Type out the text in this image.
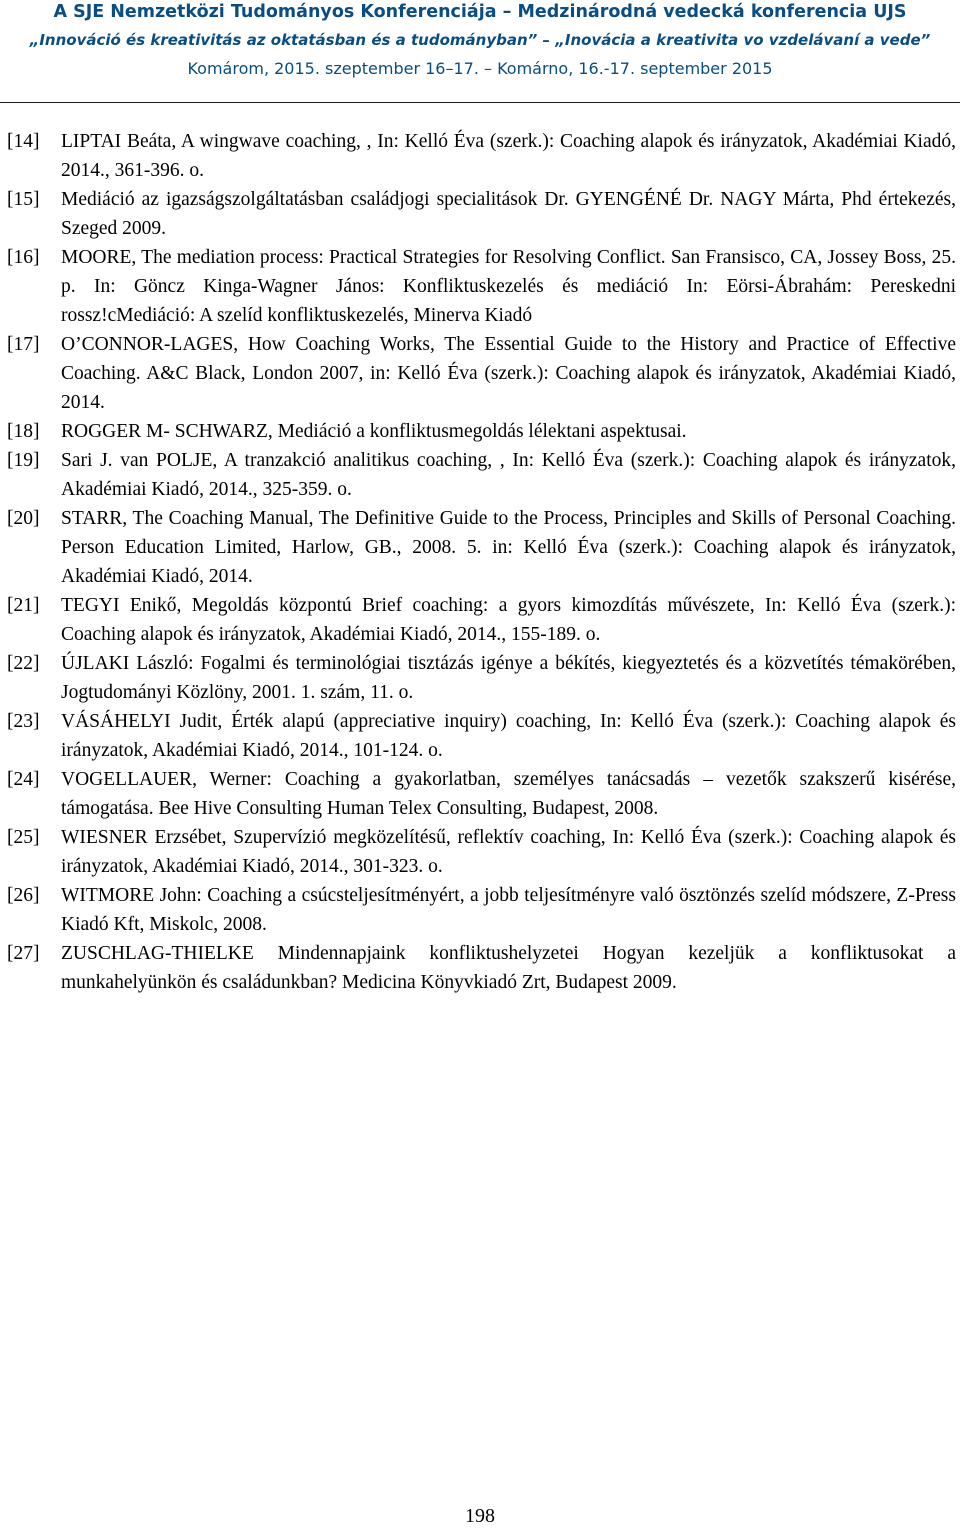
A SJE Nemzetközi Tudományos Konferenciája – Medzinárodná vedecká konferencia UJS
„Innováció és kreativitás az oktatásban és a tudományban” – „Inovácia a kreativita vo vzdelávaní a vede”
Komárom, 2015. szeptember 16–17. – Komárno, 16.-17. september 2015
[14]	LIPTAI Beáta, A wingwave coaching, , In: Kelló Éva (szerk.): Coaching alapok és irányzatok, Akadémiai Kiadó, 2014., 361-396. o.
[15]	Mediáció az igazságszolgáltatásban családjogi specialitások Dr. GYENGÉNÉ Dr. NAGY Márta, Phd értekezés, Szeged 2009.
[16]	MOORE, The mediation process: Practical Strategies for Resolving Conflict. San Fransisco, CA, Jossey Boss, 25. p. In: Göncz Kinga-Wagner János: Konfliktuskezelés és mediáció In: Eörsi-Ábrahám: Pereskedni rossz!cMediáció: A szelíd konfliktuskezelés, Minerva Kiadó
[17]	O’CONNOR-LAGES, How Coaching Works, The Essential Guide to the History and Practice of Effective Coaching. A&C Black, London 2007, in: Kelló Éva (szerk.): Coaching alapok és irányzatok, Akadémiai Kiadó, 2014.
[18]	ROGGER M- SCHWARZ, Mediáció a konfliktusmegoldás lélektani aspektusai.
[19]	Sari J. van POLJE, A tranzakció analitikus coaching, , In: Kelló Éva (szerk.): Coaching alapok és irányzatok, Akadémiai Kiadó, 2014., 325-359. o.
[20]	STARR, The Coaching Manual, The Definitive Guide to the Process, Principles and Skills of Personal Coaching. Person Education Limited, Harlow, GB., 2008. 5. in: Kelló Éva (szerk.): Coaching alapok és irányzatok, Akadémiai Kiadó, 2014.
[21]	TEGYI Enikő, Megoldás központú Brief coaching: a gyors kimozdítás művészete, In: Kelló Éva (szerk.): Coaching alapok és irányzatok, Akadémiai Kiadó, 2014., 155-189. o.
[22]	ÚJLAKI László: Fogalmi és terminológiai tisztázás igénye a békítés, kiegyeztetés és a közvetítés témakörében, Jogtudományi Közlöny, 2001. 1. szám, 11. o.
[23]	VÁSÁHELYI Judit, Érték alapú (appreciative inquiry) coaching, In: Kelló Éva (szerk.): Coaching alapok és irányzatok, Akadémiai Kiadó, 2014., 101-124. o.
[24]	VOGELLAUER, Werner: Coaching a gyakorlatban, személyes tanácsadás – vezetők szakszerű kisérése, támogatása. Bee Hive Consulting Human Telex Consulting, Budapest, 2008.
[25]	WIESNER Erzsébet, Szupervízió megközelítésű, reflektív coaching, In: Kelló Éva (szerk.): Coaching alapok és irányzatok, Akadémiai Kiadó, 2014., 301-323. o.
[26]	WITMORE John: Coaching a csúcsteljesítményért, a jobb teljesítményre való ösztönzés szelíd módszere, Z-Press Kiadó Kft, Miskolc, 2008.
[27]	ZUSCHLAG-THIELKE Mindennapjaink konfliktushelyzetei Hogyan kezeljük a konfliktusokat a munkahelyünkön és családunkban? Medicina Könyvkiadó Zrt, Budapest 2009.
198
